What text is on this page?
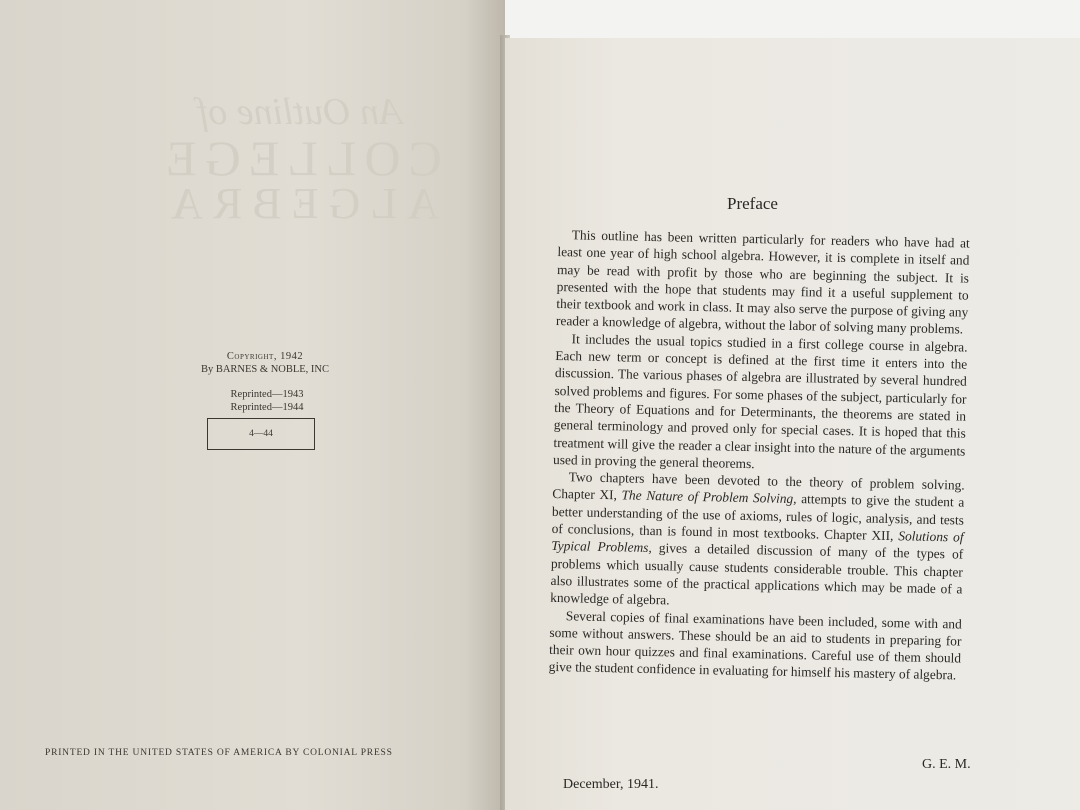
An Outline of
COLLEGE
ALGEBRA
Copyright, 1942
By BARNES & NOBLE, INC
Reprinted—1943
Reprinted—1944
4—44
PRINTED IN THE UNITED STATES OF AMERICA BY COLONIAL PRESS
Preface

This outline has been written particularly for readers who have had at least one year of high school algebra. However, it is complete in itself and may be read with profit by those who are beginning the subject. It is presented with the hope that students may find it a useful supplement to their textbook and work in class. It may also serve the purpose of giving any reader a knowledge of algebra, without the labor of solving many problems.

It includes the usual topics studied in a first college course in algebra. Each new term or concept is defined at the first time it enters into the discussion. The various phases of algebra are illustrated by several hundred solved problems and figures. For some phases of the subject, particularly for the Theory of Equations and for Determinants, the theorems are stated in general terminology and proved only for special cases. It is hoped that this treatment will give the reader a clear insight into the nature of the arguments used in proving the general theorems.

Two chapters have been devoted to the theory of problem solving. Chapter XI, The Nature of Problem Solving, attempts to give the student a better understanding of the use of axioms, rules of logic, analysis, and tests of conclusions, than is found in most textbooks. Chapter XII, Solutions of Typical Problems, gives a detailed discussion of many of the types of problems which usually cause students considerable trouble. This chapter also illustrates some of the practical applications which may be made of a knowledge of algebra.

Several copies of final examinations have been included, some with and some without answers. These should be an aid to students in preparing for their own hour quizzes and final examinations. Careful use of them should give the student confidence in evaluating for himself his mastery of algebra.

G. E. M.
December, 1941.
